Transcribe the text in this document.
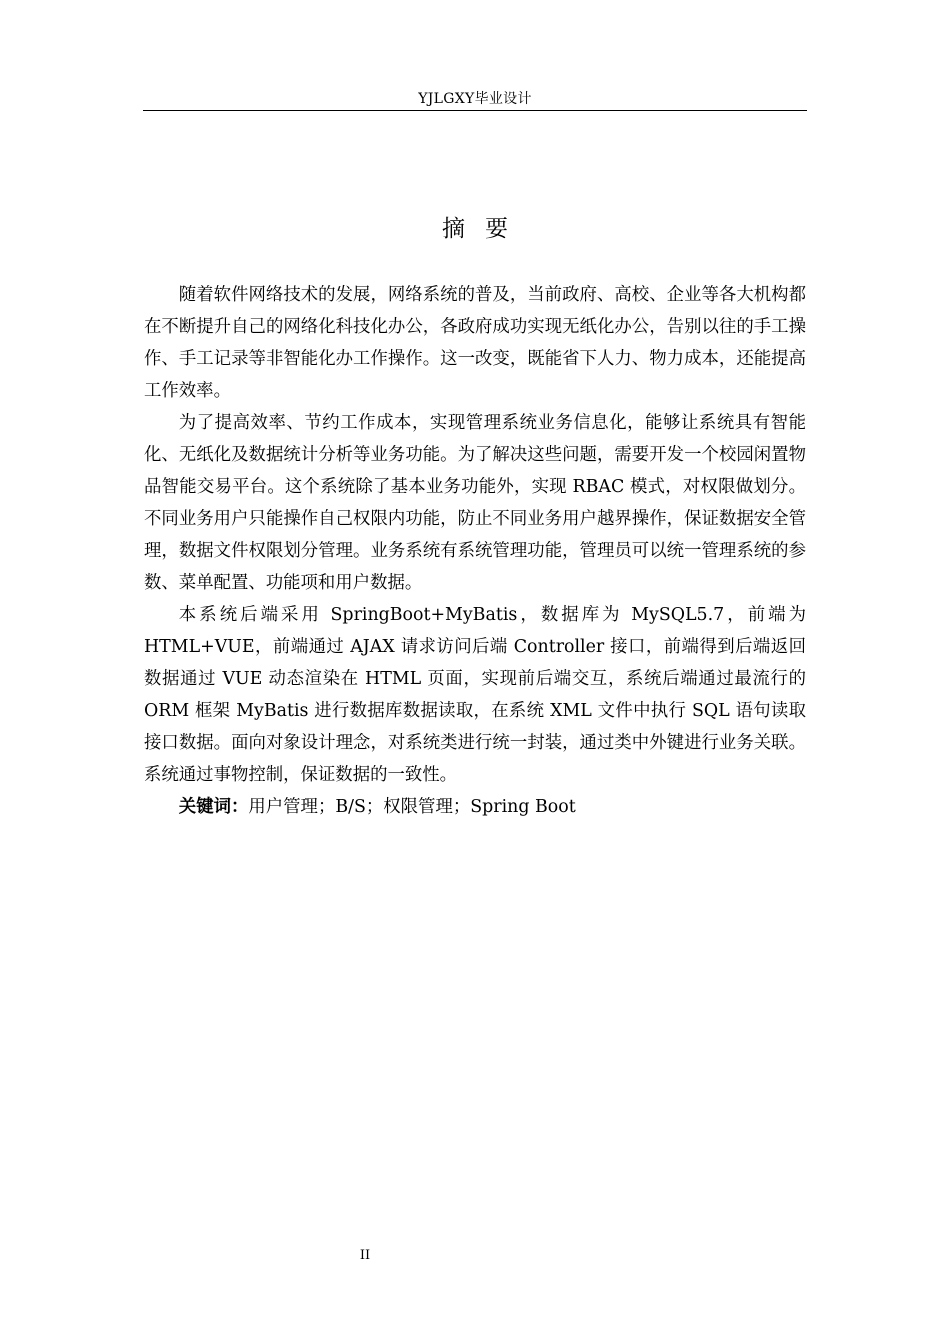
YJLGXY毕业设计
摘要

随着软件网络技术的发展，网络系统的普及，当前政府、高校、企业等各大机构都在不断提升自己的网络化科技化办公，各政府成功实现无纸化办公，告别以往的手工操作、手工记录等非智能化办工作操作。这一改变，既能省下人力、物力成本，还能提高工作效率。

为了提高效率、节约工作成本，实现管理系统业务信息化，能够让系统具有智能化、无纸化及数据统计分析等业务功能。为了解决这些问题，需要开发一个校园闲置物品智能交易平台。这个系统除了基本业务功能外，实现 RBAC 模式，对权限做划分。不同业务用户只能操作自己权限内功能，防止不同业务用户越界操作，保证数据安全管理，数据文件权限划分管理。业务系统有系统管理功能，管理员可以统一管理系统的参数、菜单配置、功能项和用户数据。

本系统后端采用 SpringBoot+MyBatis，数据库为 MySQL5.7，前端为 HTML+VUE，前端通过 AJAX 请求访问后端 Controller 接口，前端得到后端返回数据通过 VUE 动态渲染在 HTML 页面，实现前后端交互，系统后端通过最流行的 ORM 框架 MyBatis 进行数据库数据读取，在系统 XML 文件中执行 SQL 语句读取接口数据。面向对象设计理念，对系统类进行统一封装，通过类中外键进行业务关联。系统通过事物控制，保证数据的一致性。

关键词：用户管理；B/S；权限管理；Spring Boot

II
